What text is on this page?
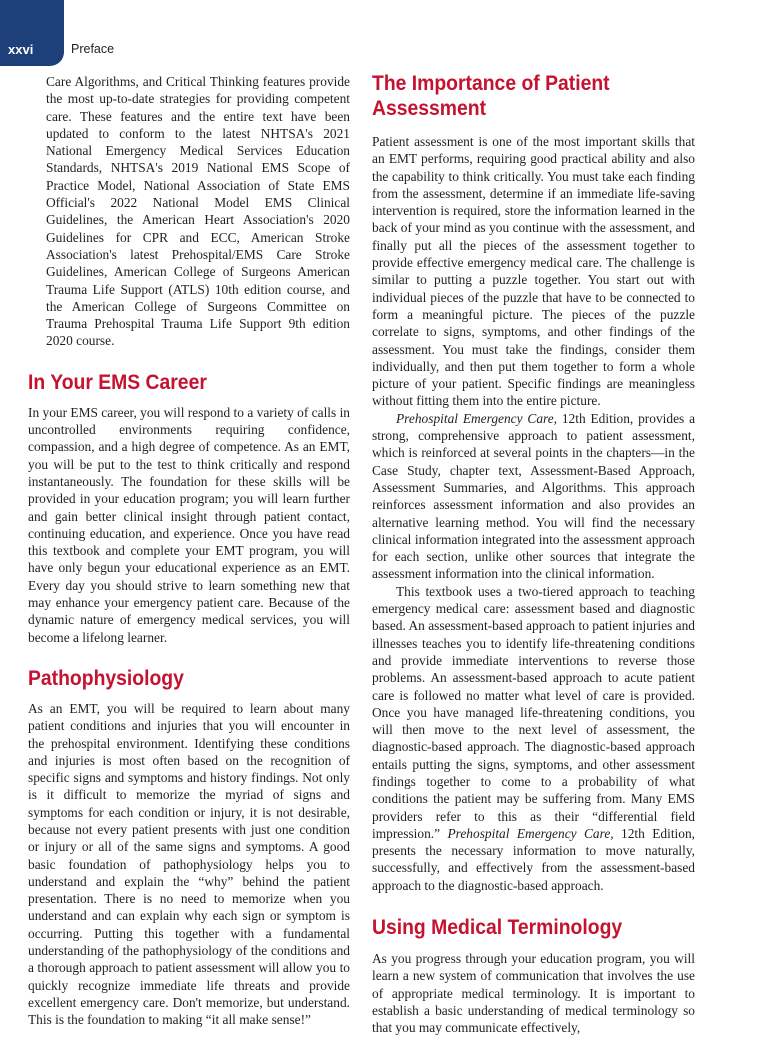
xxvi	Preface

Care Algorithms, and Critical Thinking features provide the most up-to-date strategies for providing competent care. These features and the entire text have been updated to conform to the latest NHTSA's 2021 National Emergency Medical Services Education Standards, NHTSA's 2019 National EMS Scope of Practice Model, National Association of State EMS Official's 2022 National Model EMS Clinical Guidelines, the American Heart Association's 2020 Guidelines for CPR and ECC, American Stroke Association's latest Prehospital/EMS Care Stroke Guidelines, American College of Surgeons American Trauma Life Support (ATLS) 10th edition course, and the American College of Surgeons Committee on Trauma Prehospital Trauma Life Support 9th edition 2020 course.

In Your EMS Career

In your EMS career, you will respond to a variety of calls in uncontrolled environments requiring confidence, compassion, and a high degree of competence. As an EMT, you will be put to the test to think critically and respond instantaneously. The foundation for these skills will be provided in your education program; you will learn further and gain better clinical insight through patient contact, continuing education, and experience. Once you have read this textbook and complete your EMT program, you will have only begun your educational experience as an EMT. Every day you should strive to learn something new that may enhance your emergency patient care. Because of the dynamic nature of emergency medical services, you will become a lifelong learner.

Pathophysiology

As an EMT, you will be required to learn about many patient conditions and injuries that you will encounter in the prehospital environment. Identifying these conditions and injuries is most often based on the recognition of specific signs and symptoms and history findings. Not only is it difficult to memorize the myriad of signs and symptoms for each condition or injury, it is not desirable, because not every patient presents with just one condition or injury or all of the same signs and symptoms. A good basic foundation of pathophysiology helps you to understand and explain the “why” behind the patient presentation. There is no need to memorize when you understand and can explain why each sign or symptom is occurring. Putting this together with a fundamental understanding of the pathophysiology of the conditions and a thorough approach to patient assessment will allow you to quickly recognize immediate life threats and provide excellent emergency care. Don't memorize, but understand. This is the foundation to making “it all make sense!”

The Importance of Patient Assessment

Patient assessment is one of the most important skills that an EMT performs, requiring good practical ability and also the capability to think critically. You must take each finding from the assessment, determine if an immediate life-saving intervention is required, store the information learned in the back of your mind as you continue with the assessment, and finally put all the pieces of the assessment together to provide effective emergency medical care. The challenge is similar to putting a puzzle together. You start out with individual pieces of the puzzle that have to be connected to form a meaningful picture. The pieces of the puzzle correlate to signs, symptoms, and other findings of the assessment. You must take the findings, consider them individually, and then put them together to form a whole picture of your patient. Specific findings are meaningless without fitting them into the entire picture.

Prehospital Emergency Care, 12th Edition, provides a strong, comprehensive approach to patient assessment, which is reinforced at several points in the chapters—in the Case Study, chapter text, Assessment-Based Approach, Assessment Summaries, and Algorithms. This approach reinforces assessment information and also provides an alternative learning method. You will find the necessary clinical information integrated into the assessment approach for each section, unlike other sources that integrate the assessment information into the clinical information.

This textbook uses a two-tiered approach to teaching emergency medical care: assessment based and diagnostic based. An assessment-based approach to patient injuries and illnesses teaches you to identify life-threatening conditions and provide immediate interventions to reverse those problems. An assessment-based approach to acute patient care is followed no matter what level of care is provided. Once you have managed life-threatening conditions, you will then move to the next level of assessment, the diagnostic-based approach. The diagnostic-based approach entails putting the signs, symptoms, and other assessment findings together to come to a probability of what conditions the patient may be suffering from. Many EMS providers refer to this as their “differential field impression.” Prehospital Emergency Care, 12th Edition, presents the necessary information to move naturally, successfully, and effectively from the assessment-based approach to the diagnostic-based approach.

Using Medical Terminology

As you progress through your education program, you will learn a new system of communication that involves the use of appropriate medical terminology. It is important to establish a basic understanding of medical terminology so that you may communicate effectively,
